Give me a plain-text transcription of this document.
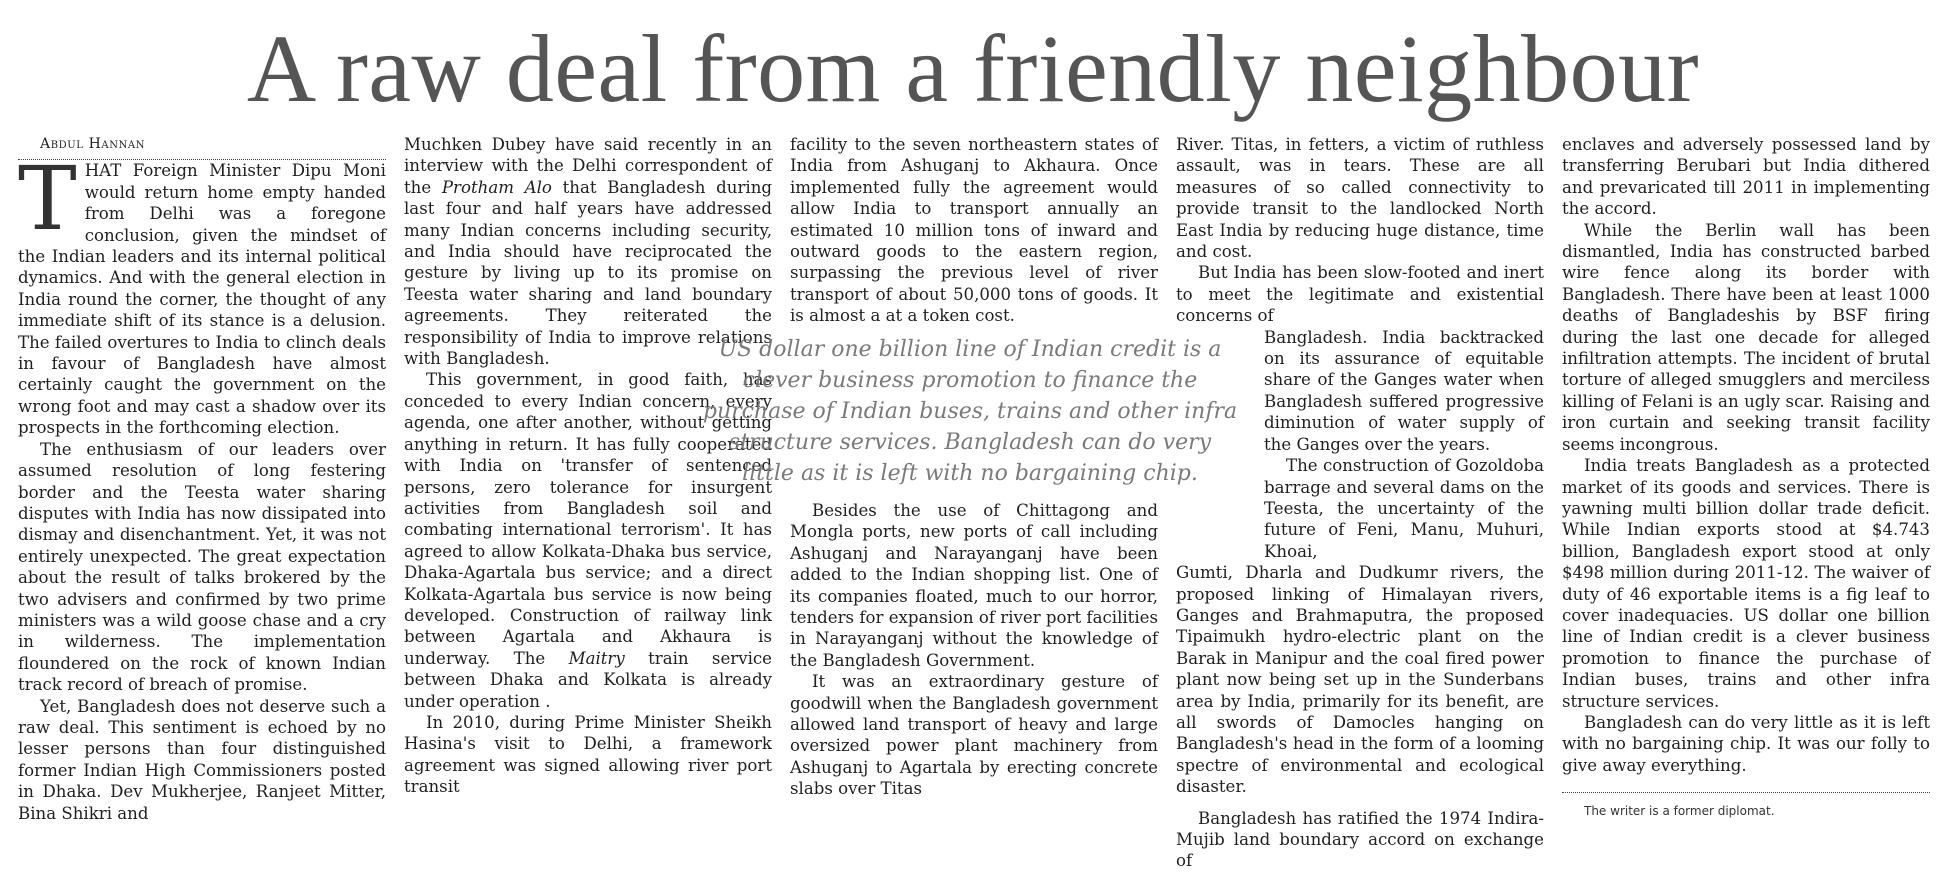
A raw deal from a friendly neighbour

Abdul Hannan

THAT Foreign Minister Dipu Moni would return home empty handed from Delhi was a foregone conclusion, given the mindset of the Indian leaders and its internal political dynamics. And with the general election in India round the corner, the thought of any immediate shift of its stance is a delusion. The failed overtures to India to clinch deals in favour of Bangladesh have almost certainly caught the government on the wrong foot and may cast a shadow over its prospects in the forthcoming election.

The enthusiasm of our leaders over assumed resolution of long festering border and the Teesta water sharing disputes with India has now dissipated into dismay and disenchantment. Yet, it was not entirely unexpected. The great expectation about the result of talks brokered by the two advisers and confirmed by two prime ministers was a wild goose chase and a cry in wilderness. The implementation floundered on the rock of known Indian track record of breach of promise.

Yet, Bangladesh does not deserve such a raw deal. This sentiment is echoed by no lesser persons than four distinguished former Indian High Commissioners posted in Dhaka. Dev Mukherjee, Ranjeet Mitter, Bina Shikri and

Muchken Dubey have said recently in an interview with the Delhi correspondent of the Protham Alo that Bangladesh during last four and half years have addressed many Indian concerns including security, and India should have reciprocated the gesture by living up to its promise on Teesta water sharing and land boundary agreements. They reiterated the responsibility of India to improve relations with Bangladesh.

This government, in good faith, has conceded to every Indian concern, every agenda, one after another, without getting anything in return. It has fully cooperated with India on 'transfer of sentenced persons, zero tolerance for insurgent activities from Bangladesh soil and combating international terrorism'. It has agreed to allow Kolkata-Dhaka bus service, Dhaka-Agartala bus service; and a direct Kolkata-Agartala bus service is now being developed. Construction of railway link between Agartala and Akhaura is underway. The Maitry train service between Dhaka and Kolkata is already under operation .

In 2010, during Prime Minister Sheikh Hasina's visit to Delhi, a framework agreement was signed allowing river port transit

facility to the seven northeastern states of India from Ashuganj to Akhaura. Once implemented fully the agreement would allow India to transport annually an estimated 10 million tons of inward and outward goods to the eastern region, surpassing the previous level of river transport of about 50,000 tons of goods. It is almost a at a token cost.

US dollar one billion line of Indian credit is a clever business promotion to finance the purchase of Indian buses, trains and other infra structure services. Bangladesh can do very little as it is left with no bargaining chip.

Besides the use of Chittagong and Mongla ports, new ports of call including Ashuganj and Narayanganj have been added to the Indian shopping list. One of its companies floated, much to our horror, tenders for expansion of river port facilities in Narayanganj without the knowledge of the Bangladesh Government.

It was an extraordinary gesture of goodwill when the Bangladesh government allowed land transport of heavy and large oversized power plant machinery from Ashuganj to Agartala by erecting concrete slabs over Titas

River. Titas, in fetters, a victim of ruthless assault, was in tears. These are all measures of so called connectivity to provide transit to the landlocked North East India by reducing huge distance, time and cost.

But India has been slow-footed and inert to meet the legitimate and existential concerns of

Bangladesh. India backtracked on its assurance of equitable share of the Ganges water when Bangladesh suffered progressive diminution of water supply of the Ganges over the years.

The construction of Gozoldoba barrage and several dams on the Teesta, the uncertainty of the future of Feni, Manu, Muhuri, Khoai,

Gumti, Dharla and Dudkumr rivers, the proposed linking of Himalayan rivers, Ganges and Brahmaputra, the proposed Tipaimukh hydro-electric plant on the Barak in Manipur and the coal fired power plant now being set up in the Sunderbans area by India, primarily for its benefit, are all swords of Damocles hanging on Bangladesh's head in the form of a looming spectre of environmental and ecological disaster.

Bangladesh has ratified the 1974 Indira-Mujib land boundary accord on exchange of

enclaves and adversely possessed land by transferring Berubari but India dithered and prevaricated till 2011 in implementing the accord.

While the Berlin wall has been dismantled, India has constructed barbed wire fence along its border with Bangladesh. There have been at least 1000 deaths of Bangladeshis by BSF firing during the last one decade for alleged infiltration attempts. The incident of brutal torture of alleged smugglers and merciless killing of Felani is an ugly scar. Raising and iron curtain and seeking transit facility seems incongrous.

India treats Bangladesh as a protected market of its goods and services. There is yawning multi billion dollar trade deficit. While Indian exports stood at $4.743 billion, Bangladesh export stood at only $498 million during 2011-12. The waiver of duty of 46 exportable items is a fig leaf to cover inadequacies. US dollar one billion line of Indian credit is a clever business promotion to finance the purchase of Indian buses, trains and other infra structure services.

Bangladesh can do very little as it is left with no bargaining chip. It was our folly to give away everything.

The writer is a former diplomat.
